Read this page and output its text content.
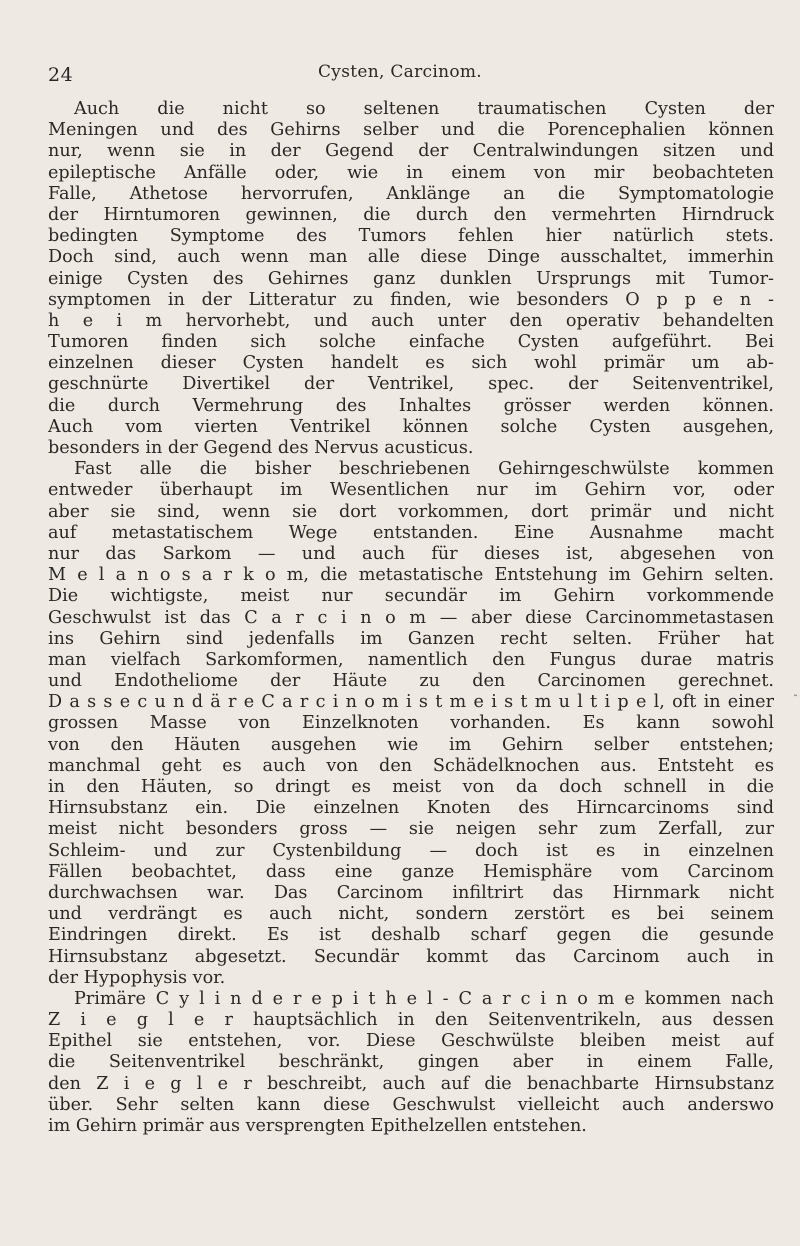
24	Cysten, Carcinom.
Auch die nicht so seltenen traumatischen Cysten der
Meningen und des Gehirns selber und die Porencephalien können
nur, wenn sie in der Gegend der Centralwindungen sitzen und
epileptische Anfälle oder, wie in einem von mir beobachteten
Falle, Athetose hervorrufen, Anklänge an die Symptomatologie
der Hirntumoren gewinnen, die durch den vermehrten Hirndruck
bedingten Symptome des Tumors fehlen hier natürlich stets.
Doch sind, auch wenn man alle diese Dinge ausschaltet, immerhin
einige Cysten des Gehirnes ganz dunklen Ursprungs mit Tumor-
symptomen in der Litteratur zu finden, wie besonders O p p e n -
h e i m hervorhebt, und auch unter den operativ behandelten
Tumoren finden sich solche einfache Cysten aufgeführt. Bei
einzelnen dieser Cysten handelt es sich wohl primär um ab-
geschnürte Divertikel der Ventrikel, spec. der Seitenventrikel,
die durch Vermehrung des Inhaltes grösser werden können.
Auch vom vierten Ventrikel können solche Cysten ausgehen,
besonders in der Gegend des Nervus acusticus.
Fast alle die bisher beschriebenen Gehirngeschwülste kommen
entweder überhaupt im Wesentlichen nur im Gehirn vor, oder
aber sie sind, wenn sie dort vorkommen, dort primär und nicht
auf metastatischem Wege entstanden. Eine Ausnahme macht
nur das Sarkom — und auch für dieses ist, abgesehen von
M e l a n o s a r k o m, die metastatische Entstehung im Gehirn selten.
Die wichtigste, meist nur secundär im Gehirn vorkommende
Geschwulst ist das C a r c i n o m — aber diese Carcinommetastasen
ins Gehirn sind jedenfalls im Ganzen recht selten. Früher hat
man vielfach Sarkomformen, namentlich den Fungus durae matris
und Endotheliome der Häute zu den Carcinomen gerechnet.
D a s s e c u n d ä r e C a r c i n o m i s t m e i s t m u l t i p e l, oft in einer
grossen Masse von Einzelknoten vorhanden. Es kann sowohl
von den Häuten ausgehen wie im Gehirn selber entstehen;
manchmal geht es auch von den Schädelknochen aus. Entsteht es
in den Häuten, so dringt es meist von da doch schnell in die
Hirnsubstanz ein. Die einzelnen Knoten des Hirncarcinoms sind
meist nicht besonders gross — sie neigen sehr zum Zerfall, zur
Schleim- und zur Cystenbildung — doch ist es in einzelnen
Fällen beobachtet, dass eine ganze Hemisphäre vom Carcinom
durchwachsen war. Das Carcinom infiltrirt das Hirnmark nicht
und verdrängt es auch nicht, sondern zerstört es bei seinem
Eindringen direkt. Es ist deshalb scharf gegen die gesunde
Hirnsubstanz abgesetzt. Secundär kommt das Carcinom auch in
der Hypophysis vor.
Primäre C y l i n d e r e p i t h e l - C a r c i n o m e kommen nach
Z i e g l e r hauptsächlich in den Seitenventrikeln, aus dessen
Epithel sie entstehen, vor. Diese Geschwülste bleiben meist auf
die Seitenventrikel beschränkt, gingen aber in einem Falle,
den Z i e g l e r beschreibt, auch auf die benachbarte Hirnsubstanz
über. Sehr selten kann diese Geschwulst vielleicht auch anderswo
im Gehirn primär aus versprengten Epithelzellen entstehen.
˷
